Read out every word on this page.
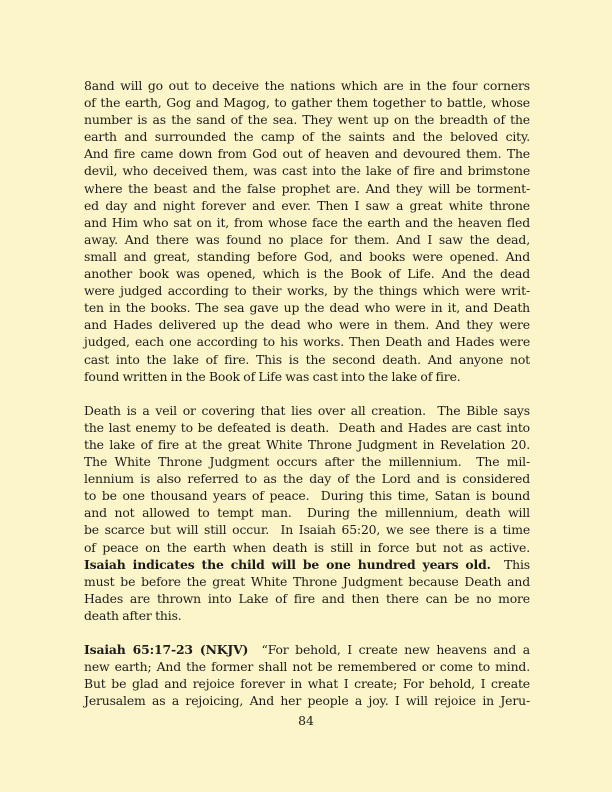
8and will go out to deceive the nations which are in the four corners
of the earth, Gog and Magog, to gather them together to battle, whose
number is as the sand of the sea. They went up on the breadth of the
earth and surrounded the camp of the saints and the beloved city.
And fire came down from God out of heaven and devoured them. The
devil, who deceived them, was cast into the lake of fire and brimstone
where the beast and the false prophet are. And they will be torment-
ed day and night forever and ever. Then I saw a great white throne
and Him who sat on it, from whose face the earth and the heaven fled
away. And there was found no place for them. And I saw the dead,
small and great, standing before God, and books were opened. And
another book was opened, which is the Book of Life. And the dead
were judged according to their works, by the things which were writ-
ten in the books. The sea gave up the dead who were in it, and Death
and Hades delivered up the dead who were in them. And they were
judged, each one according to his works. Then Death and Hades were
cast into the lake of fire. This is the second death. And anyone not
found written in the Book of Life was cast into the lake of fire.
Death is a veil or covering that lies over all creation.  The Bible says
the last enemy to be defeated is death.  Death and Hades are cast into
the lake of fire at the great White Throne Judgment in Revelation 20.
The White Throne Judgment occurs after the millennium.  The mil-
lennium is also referred to as the day of the Lord and is considered
to be one thousand years of peace.  During this time, Satan is bound
and not allowed to tempt man.  During the millennium, death will
be scarce but will still occur.  In Isaiah 65:20, we see there is a time
of peace on the earth when death is still in force but not as active.
Isaiah indicates the child will be one hundred years old.  This
must be before the great White Throne Judgment because Death and
Hades are thrown into Lake of fire and then there can be no more
death after this.
Isaiah 65:17-23 (NKJV)  “For behold, I create new heavens and a
new earth; And the former shall not be remembered or come to mind.
But be glad and rejoice forever in what I create; For behold, I create
Jerusalem as a rejoicing, And her people a joy. I will rejoice in Jeru-
84
